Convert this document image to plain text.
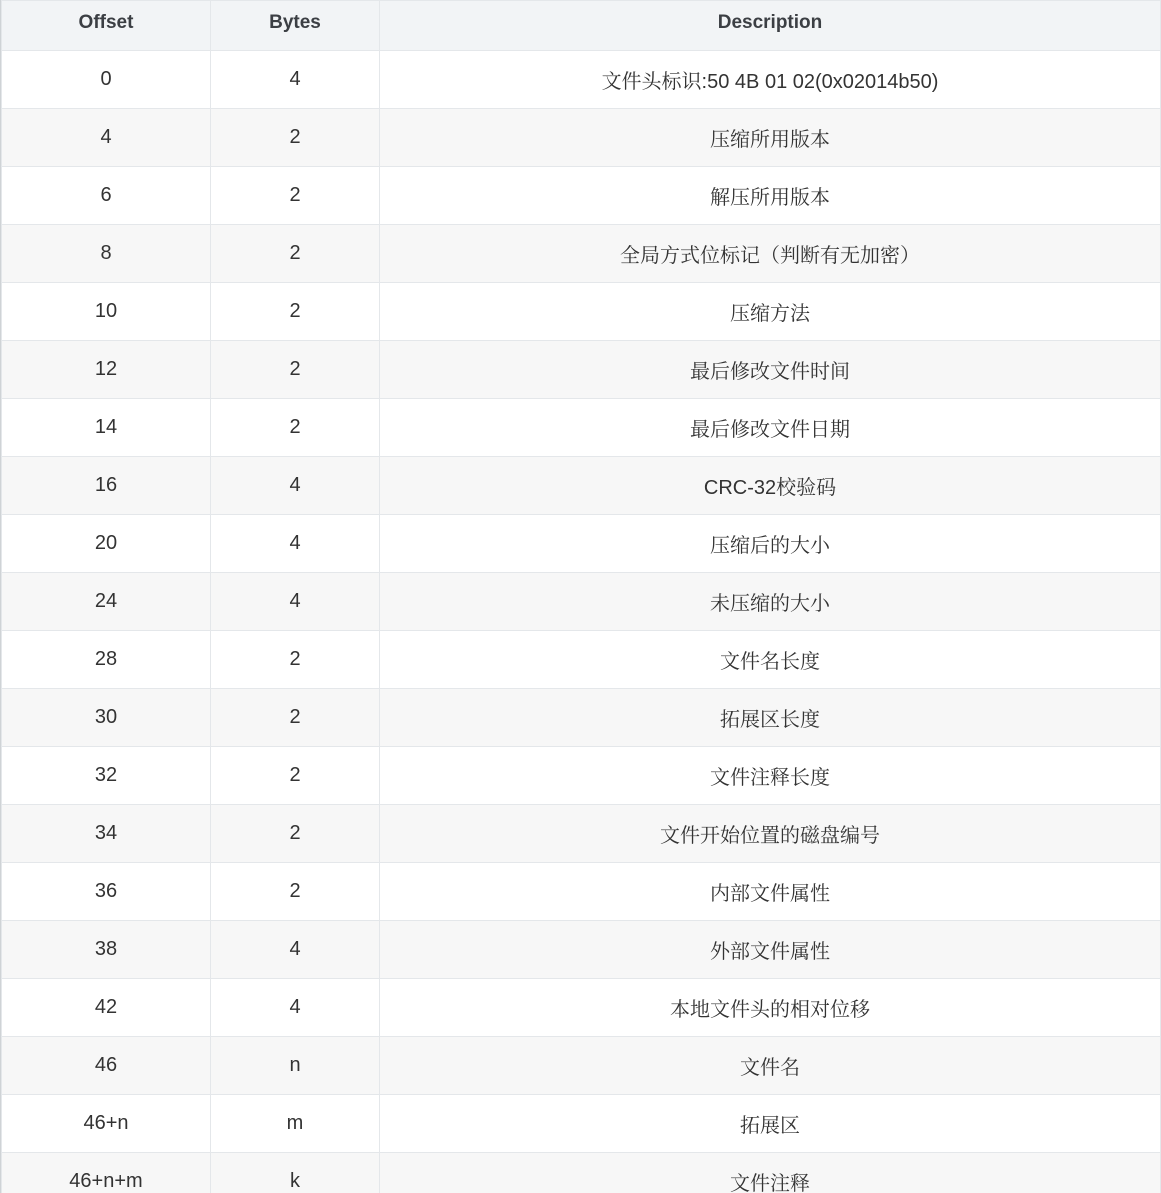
Offset	Bytes	Description
0	4	文件头标识:50 4B 01 02(0x02014b50)
4	2	压缩所用版本
6	2	解压所用版本
8	2	全局方式位标记（判断有无加密）
10	2	压缩方法
12	2	最后修改文件时间
14	2	最后修改文件日期
16	4	CRC-32校验码
20	4	压缩后的大小
24	4	未压缩的大小
28	2	文件名长度
30	2	拓展区长度
32	2	文件注释长度
34	2	文件开始位置的磁盘编号
36	2	内部文件属性
38	4	外部文件属性
42	4	本地文件头的相对位移
46	n	文件名
46+n	m	拓展区
46+n+m	k	文件注释
